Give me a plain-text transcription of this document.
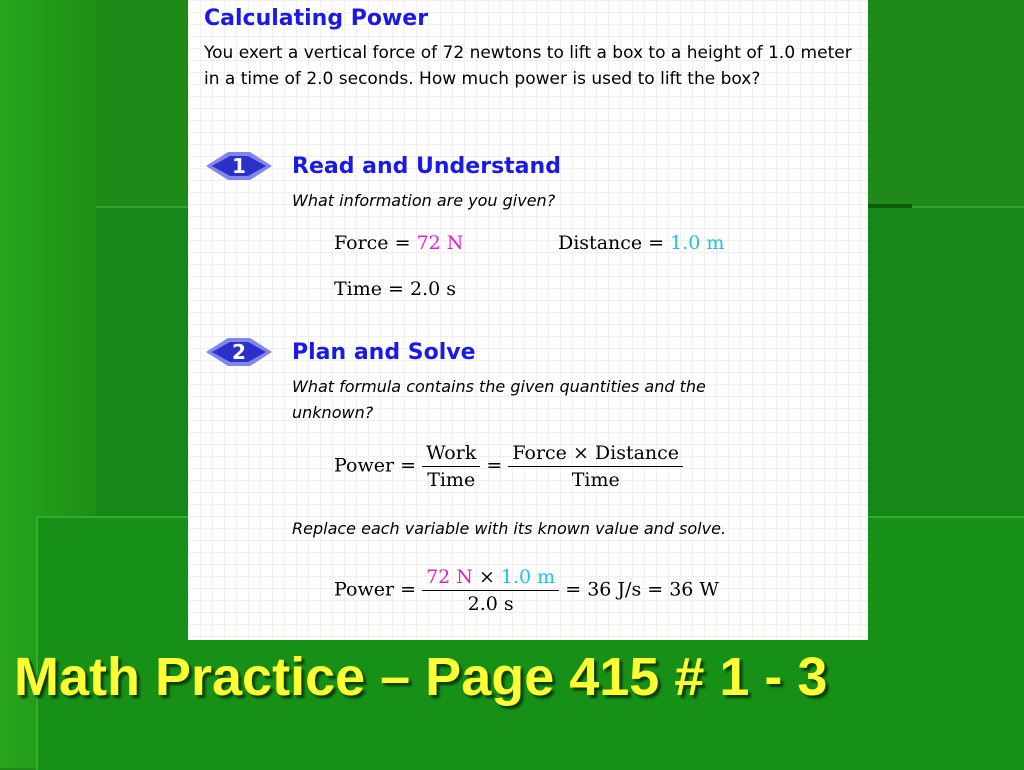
Calculating Power
You exert a vertical force of 72 newtons to lift a box to a height of 1.0 meter in a time of 2.0 seconds. How much power is used to lift the box?
1 Read and Understand
What information are you given?
Force = 72 N	Distance = 1.0 m
Time = 2.0 s
2 Plan and Solve
What formula contains the given quantities and the unknown?
Power = $\frac{\text{Work}}{\text{Time}} = \frac{\text{Force × Distance}}{\text{Time}}$
Replace each variable with its known value and solve.
Power = $\frac{72 N \times 1.0 m}{2.0 s} = 36$ J/s = 36 W
Math Practice – Page 415 # 1 - 3
